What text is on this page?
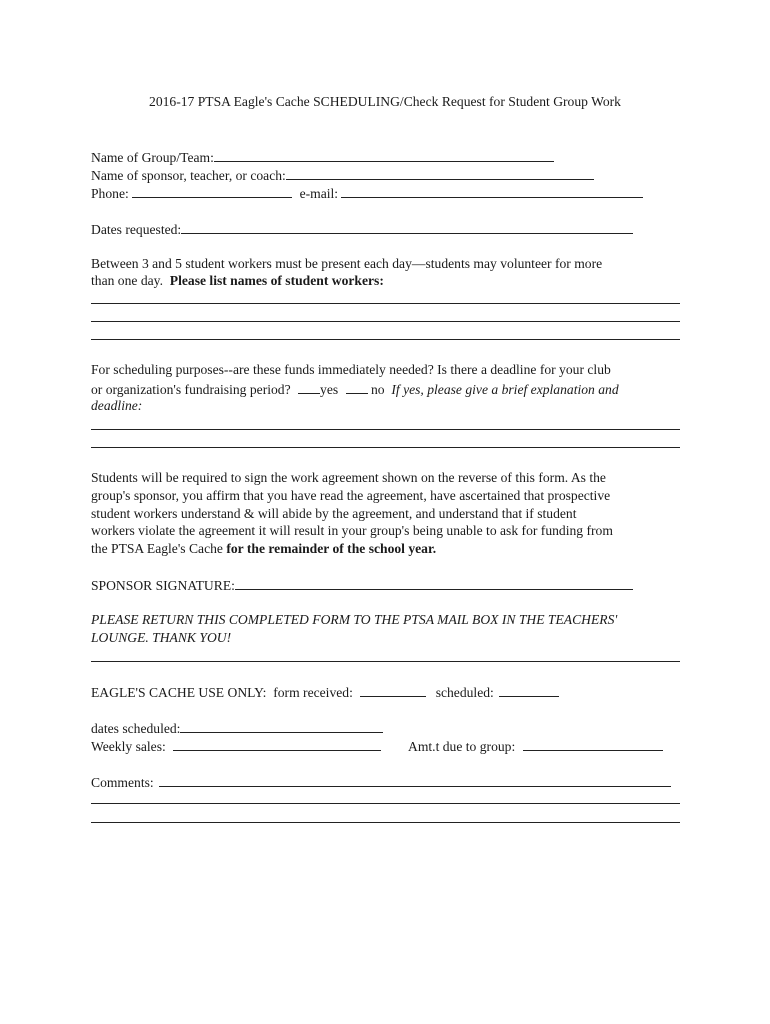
2016-17 PTSA Eagle's Cache SCHEDULING/Check Request for Student Group Work
Name of Group/Team:
Name of sponsor, teacher, or coach:
Phone:	e-mail:
Dates requested:
Between 3 and 5 student workers must be present each day—students may volunteer for more
than one day. Please list names of student workers:
For scheduling purposes--are these funds immediately needed? Is there a deadline for your club
or organization's fundraising period? yes no If yes, please give a brief explanation and
deadline:
Students will be required to sign the work agreement shown on the reverse of this form. As the
group's sponsor, you affirm that you have read the agreement, have ascertained that prospective
student workers understand & will abide by the agreement, and understand that if student
workers violate the agreement it will result in your group's being unable to ask for funding from
the PTSA Eagle's Cache for the remainder of the school year.
SPONSOR SIGNATURE:
PLEASE RETURN THIS COMPLETED FORM TO THE PTSA MAIL BOX IN THE TEACHERS'
LOUNGE. THANK YOU!
EAGLE'S CACHE USE ONLY: form received:	scheduled:
dates scheduled:
Weekly sales:	Amt.t due to group:
Comments:
